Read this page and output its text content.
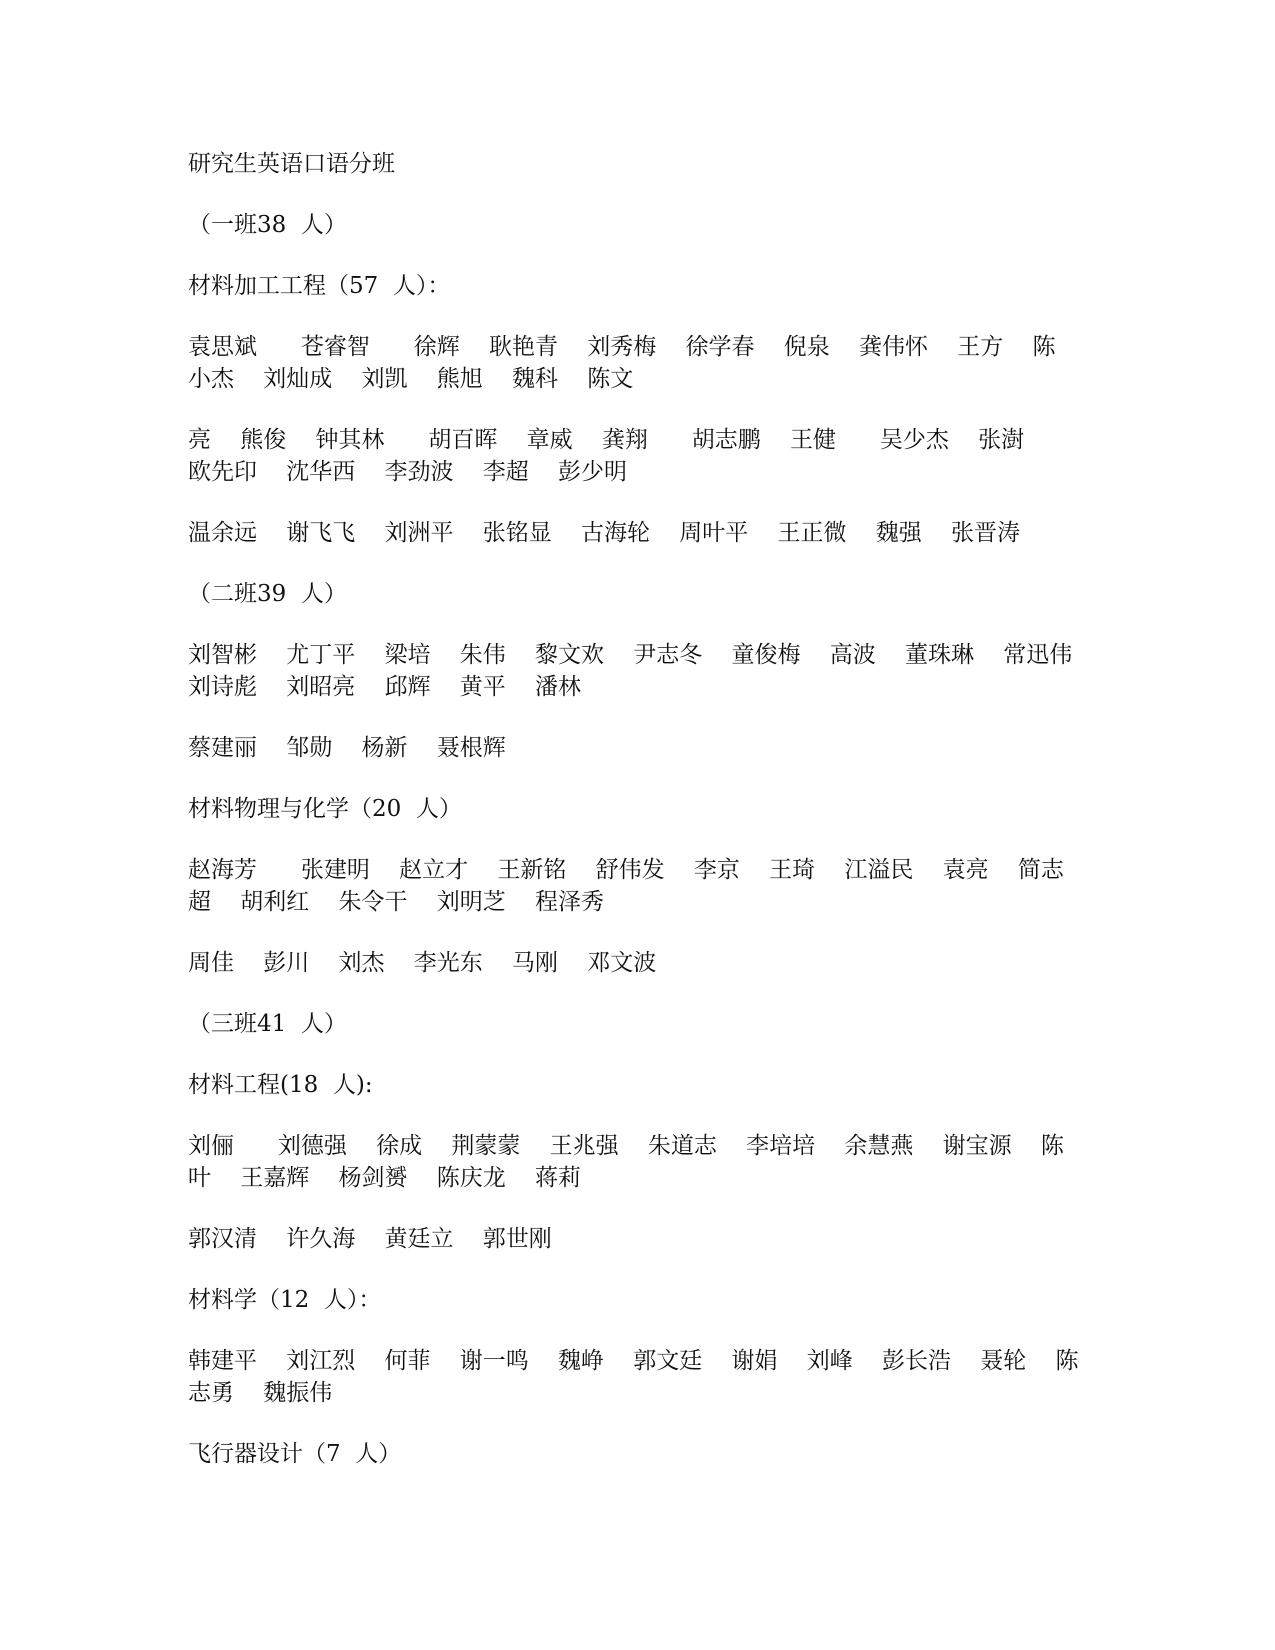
研究生英语口语分班

（一班38  人）

材料加工工程（57  人）：

袁思斌      苍睿智      徐辉    耿艳青    刘秀梅    徐学春    倪泉    龚伟怀    王方    陈

小杰    刘灿成    刘凯    熊旭    魏科    陈文

亮    熊俊    钟其林      胡百晖    章威    龚翔      胡志鹏    王健      吴少杰    张澍

欧先印    沈华西    李劲波    李超    彭少明

温余远    谢飞飞    刘洲平    张铭显    古海轮    周叶平    王正微    魏强    张晋涛

（二班39  人）

刘智彬    尤丁平    梁培    朱伟    黎文欢    尹志冬    童俊梅    高波    董珠琳    常迅伟

刘诗彪    刘昭亮    邱辉    黄平    潘林

蔡建丽    邹勋    杨新    聂根辉

材料物理与化学（20  人）

赵海芳      张建明    赵立才    王新铭    舒伟发    李京    王琦    江溢民    袁亮    简志

超    胡利红    朱令干    刘明芝    程泽秀

周佳    彭川    刘杰    李光东    马刚    邓文波

（三班41  人）

材料工程(18  人):

刘俪      刘德强    徐成    荆蒙蒙    王兆强    朱道志    李培培    余慧燕    谢宝源    陈

叶    王嘉辉    杨剑赟    陈庆龙    蒋莉

郭汉清    许久海    黄廷立    郭世刚

材料学（12  人）：

韩建平    刘江烈    何菲    谢一鸣    魏峥    郭文廷    谢娟    刘峰    彭长浩    聂轮    陈

志勇    魏振伟

飞行器设计（7  人）
